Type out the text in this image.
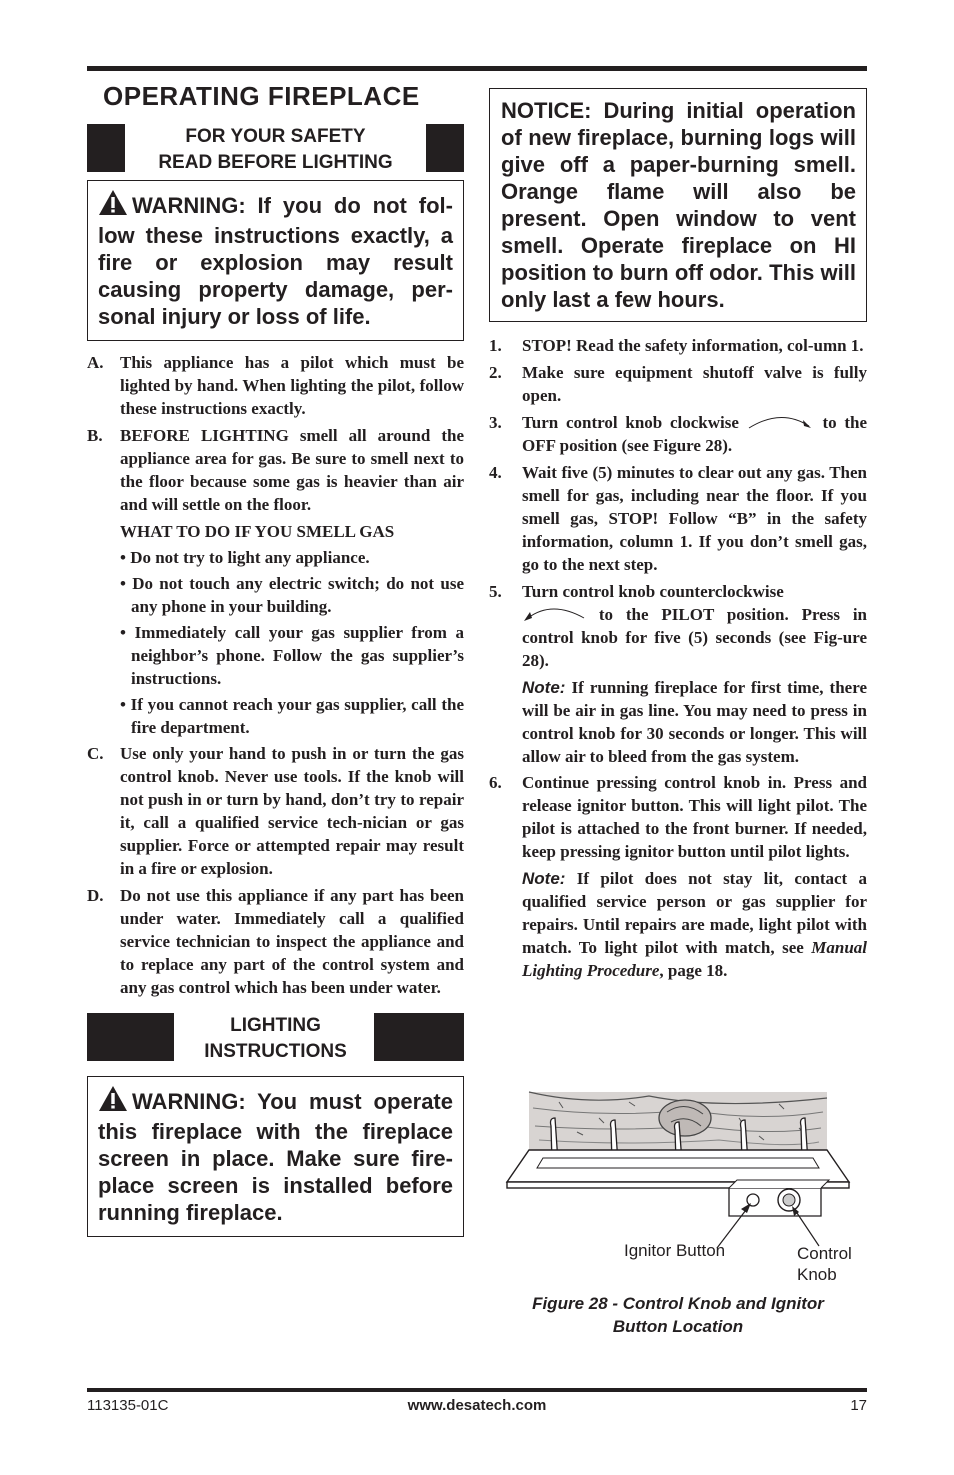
OPERATING FIREPLACE
FOR YOUR SAFETY
READ BEFORE LIGHTING
WARNING: If you do not fol-low these instructions exactly, a fire or explosion may result causing property damage, per-sonal injury or loss of life.
A. This appliance has a pilot which must be lighted by hand. When lighting the pilot, follow these instructions exactly.
B. BEFORE LIGHTING smell all around the appliance area for gas. Be sure to smell next to the floor because some gas is heavier than air and will settle on the floor.
WHAT TO DO IF YOU SMELL GAS
• Do not try to light any appliance.
• Do not touch any electric switch; do not use any phone in your building.
• Immediately call your gas supplier from a neighbor’s phone. Follow the gas supplier’s instructions.
• If you cannot reach your gas supplier, call the fire department.
C. Use only your hand to push in or turn the gas control knob. Never use tools. If the knob will not push in or turn by hand, don’t try to repair it, call a qualified service tech-nician or gas supplier. Force or attempted repair may result in a fire or explosion.
D. Do not use this appliance if any part has been under water. Immediately call a qualified service technician to inspect the appliance and to replace any part of the control system and any gas control which has been under water.
LIGHTING
INSTRUCTIONS
WARNING: You must operate this fireplace with the fireplace screen in place. Make sure fire-place screen is installed before running fireplace.
NOTICE: During initial operation of new fireplace, burning logs will give off a paper-burning smell. Orange flame will also be present. Open window to vent smell. Operate fireplace on HI position to burn off odor. This will only last a few hours.
1. STOP! Read the safety information, col-umn 1.
2. Make sure equipment shutoff valve is fully open.
3. Turn control knob clockwise	to the OFF position (see Figure 28).
4. Wait five (5) minutes to clear out any gas. Then smell for gas, including near the floor. If you smell gas, STOP! Follow “B” in the safety information, column 1. If you don’t smell gas, go to the next step.
5. Turn control knob counterclockwise
to the PILOT position. Press in control knob for five (5) seconds (see Fig-ure 28).
Note: If running fireplace for first time, there will be air in gas line. You may need to press in control knob for 30 seconds or longer. This will allow air to bleed from the gas system.
6. Continue pressing control knob in. Press and release ignitor button. This will light pilot. The pilot is attached to the front burner. If needed, keep pressing ignitor button until pilot lights.
Note: If pilot does not stay lit, contact a qualified service person or gas supplier for repairs. Until repairs are made, light pilot with match. To light pilot with match, see Manual Lighting Procedure, page 18.
Ignitor Button	Control
Knob
Figure 28 - Control Knob and Ignitor
Button Location
113135-01C	www.desatech.com	17
